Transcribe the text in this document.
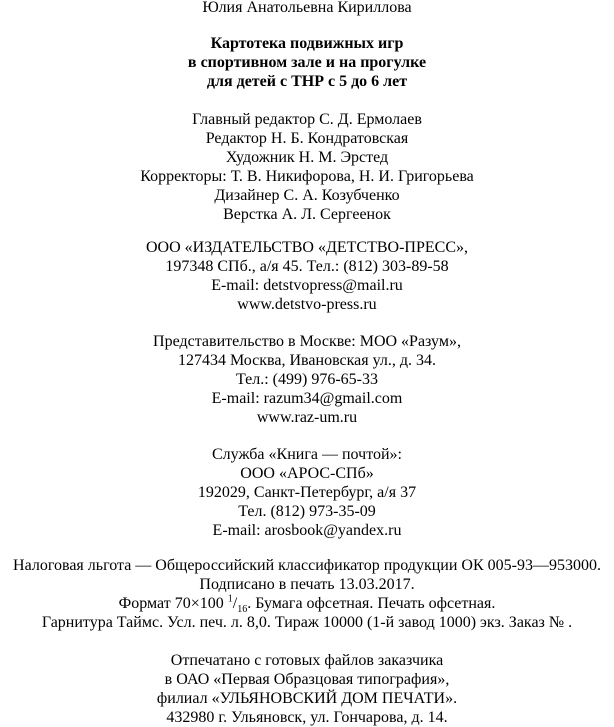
Юлия Анатольевна Кириллова
Картотека подвижных игр
в спортивном зале и на прогулке
для детей с ТНР с 5 до 6 лет
Главный редактор С. Д. Ермолаев
Редактор Н. Б. Кондратовская
Художник Н. М. Эрстед
Корректоры: Т. В. Никифорова, Н. И. Григорьева
Дизайнер С. А. Козубченко
Верстка А. Л. Сергеенок
ООО «ИЗДАТЕЛЬСТВО «ДЕТСТВО-ПРЕСС»,
197348 СПб., а/я 45. Тел.: (812) 303-89-58
E-mail: detstvopress@mail.ru
www.detstvo-press.ru
Представительство в Москве: МОО «Разум»,
127434 Москва, Ивановская ул., д. 34.
Тел.: (499) 976-65-33
E-mail: razum34@gmail.com
www.raz-um.ru
Служба «Книга — почтой»:
ООО «АРОС-СПб»
192029, Санкт-Петербург, а/я 37
Тел. (812) 973-35-09
E-mail: arosbook@yandex.ru
Налоговая льгота — Общероссийский классификатор продукции ОК 005-93—953000.
Подписано в печать 13.03.2017.
Формат 70×100 $^1/_{16}$. Бумага офсетная. Печать офсетная.
Гарнитура Таймс. Усл. печ. л. 8,0. Тираж 10000 (1-й завод 1000) экз. Заказ № .
Отпечатано с готовых файлов заказчика
в ОАО «Первая Образцовая типография»,
филиал «УЛЬЯНОВСКИЙ ДОМ ПЕЧАТИ».
432980 г. Ульяновск, ул. Гончарова, д. 14.
